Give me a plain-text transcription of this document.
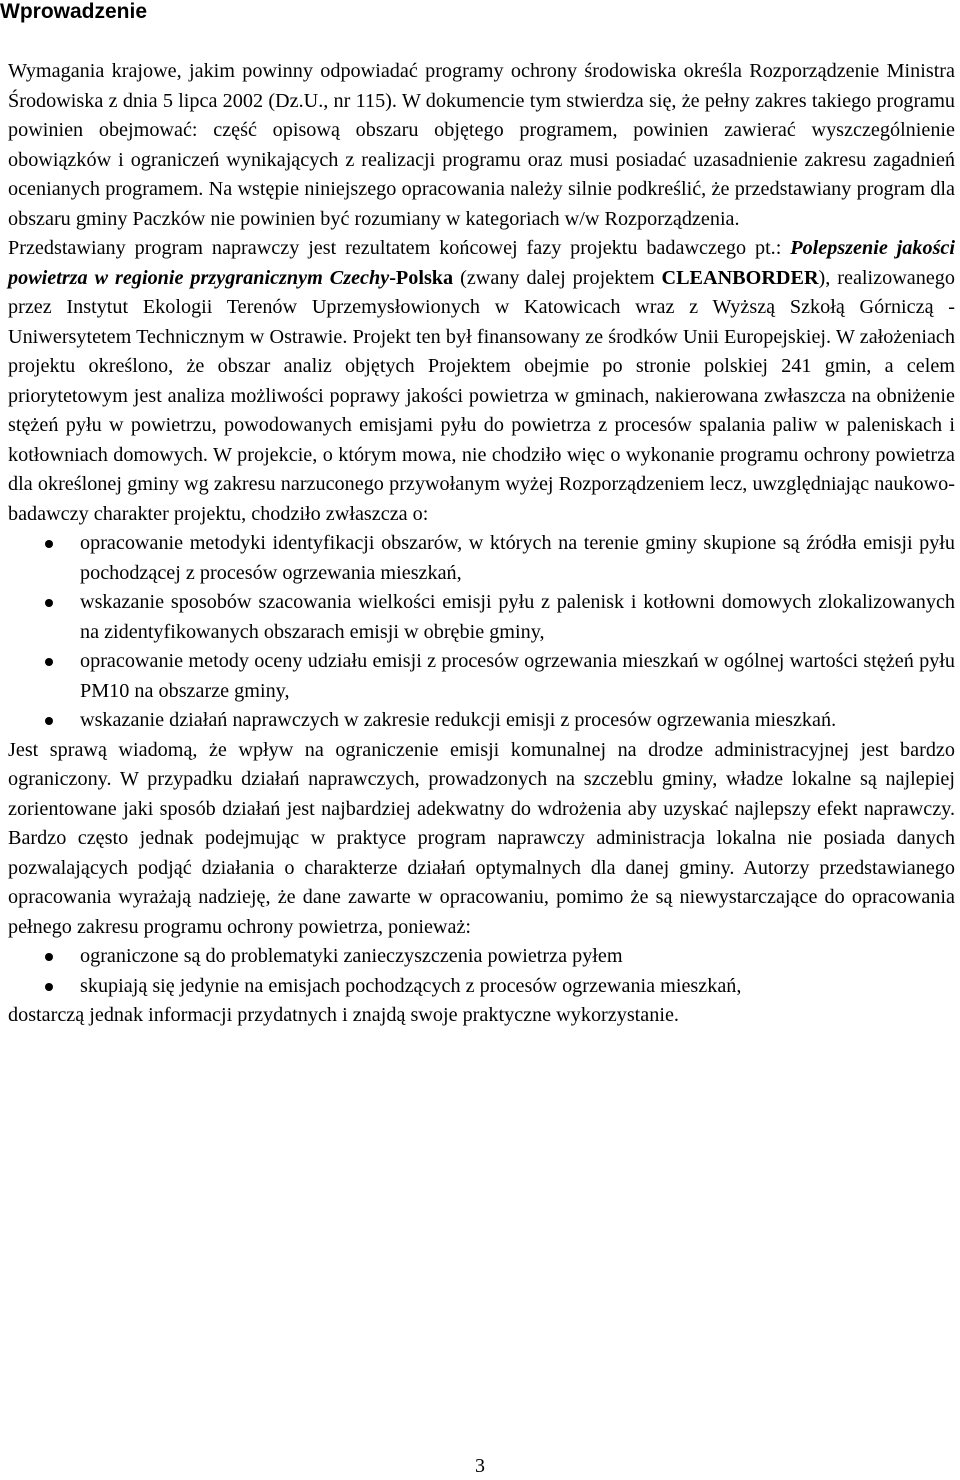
Wprowadzenie

Wymagania krajowe, jakim powinny odpowiadać programy ochrony środowiska określa Rozporządzenie Ministra Środowiska z dnia 5 lipca 2002 (Dz.U., nr 115). W dokumencie tym stwierdza się, że pełny zakres takiego programu powinien obejmować: część opisową obszaru objętego programem, powinien zawierać wyszczególnienie obowiązków i ograniczeń wynikających z realizacji programu oraz musi posiadać uzasadnienie zakresu zagadnień ocenianych programem. Na wstępie niniejszego opracowania należy silnie podkreślić, że przedstawiany program dla obszaru gminy Paczków nie powinien być rozumiany w kategoriach w/w Rozporządzenia.

Przedstawiany program naprawczy jest rezultatem końcowej fazy projektu badawczego pt.: Polepszenie jakości powietrza w regionie przygranicznym Czechy-Polska (zwany dalej projektem CLEANBORDER), realizowanego przez Instytut Ekologii Terenów Uprzemysłowionych w Katowicach wraz z Wyższą Szkołą Górniczą - Uniwersytetem Technicznym w Ostrawie. Projekt ten był finansowany ze środków Unii Europejskiej. W założeniach projektu określono, że obszar analiz objętych Projektem obejmie po stronie polskiej 241 gmin, a celem priorytetowym jest analiza możliwości poprawy jakości powietrza w gminach, nakierowana zwłaszcza na obniżenie stężeń pyłu w powietrzu, powodowanych emisjami pyłu do powietrza z procesów spalania paliw w paleniskach i kotłowniach domowych. W projekcie, o którym mowa, nie chodziło więc o wykonanie programu ochrony powietrza dla określonej gminy wg zakresu narzuconego przywołanym wyżej Rozporządzeniem lecz, uwzględniając naukowo-badawczy charakter projektu, chodziło zwłaszcza o:

opracowanie metodyki identyfikacji obszarów, w których na terenie gminy skupione są źródła emisji pyłu pochodzącej z procesów ogrzewania mieszkań,
wskazanie sposobów szacowania wielkości emisji pyłu z palenisk i kotłowni domowych zlokalizowanych na zidentyfikowanych obszarach emisji w obrębie gminy,
opracowanie metody oceny udziału emisji z procesów ogrzewania mieszkań w ogólnej wartości stężeń pyłu PM10 na obszarze gminy,
wskazanie działań naprawczych w zakresie redukcji emisji z procesów ogrzewania mieszkań.

Jest sprawą wiadomą, że wpływ na ograniczenie emisji komunalnej na drodze administracyjnej jest bardzo ograniczony. W przypadku działań naprawczych, prowadzonych na szczeblu gminy, władze lokalne są najlepiej zorientowane jaki sposób działań jest najbardziej adekwatny do wdrożenia aby uzyskać najlepszy efekt naprawczy. Bardzo często jednak podejmując w praktyce program naprawczy administracja lokalna nie posiada danych pozwalających podjąć działania o charakterze działań optymalnych dla danej gminy. Autorzy przedstawianego opracowania wyrażają nadzieję, że dane zawarte w opracowaniu, pomimo że są niewystarczające do opracowania pełnego zakresu programu ochrony powietrza, ponieważ:

ograniczone są do problematyki zanieczyszczenia powietrza pyłem
skupiają się jedynie na emisjach pochodzących z procesów ogrzewania mieszkań,

dostarczą jednak informacji przydatnych i znajdą swoje praktyczne wykorzystanie.

3
